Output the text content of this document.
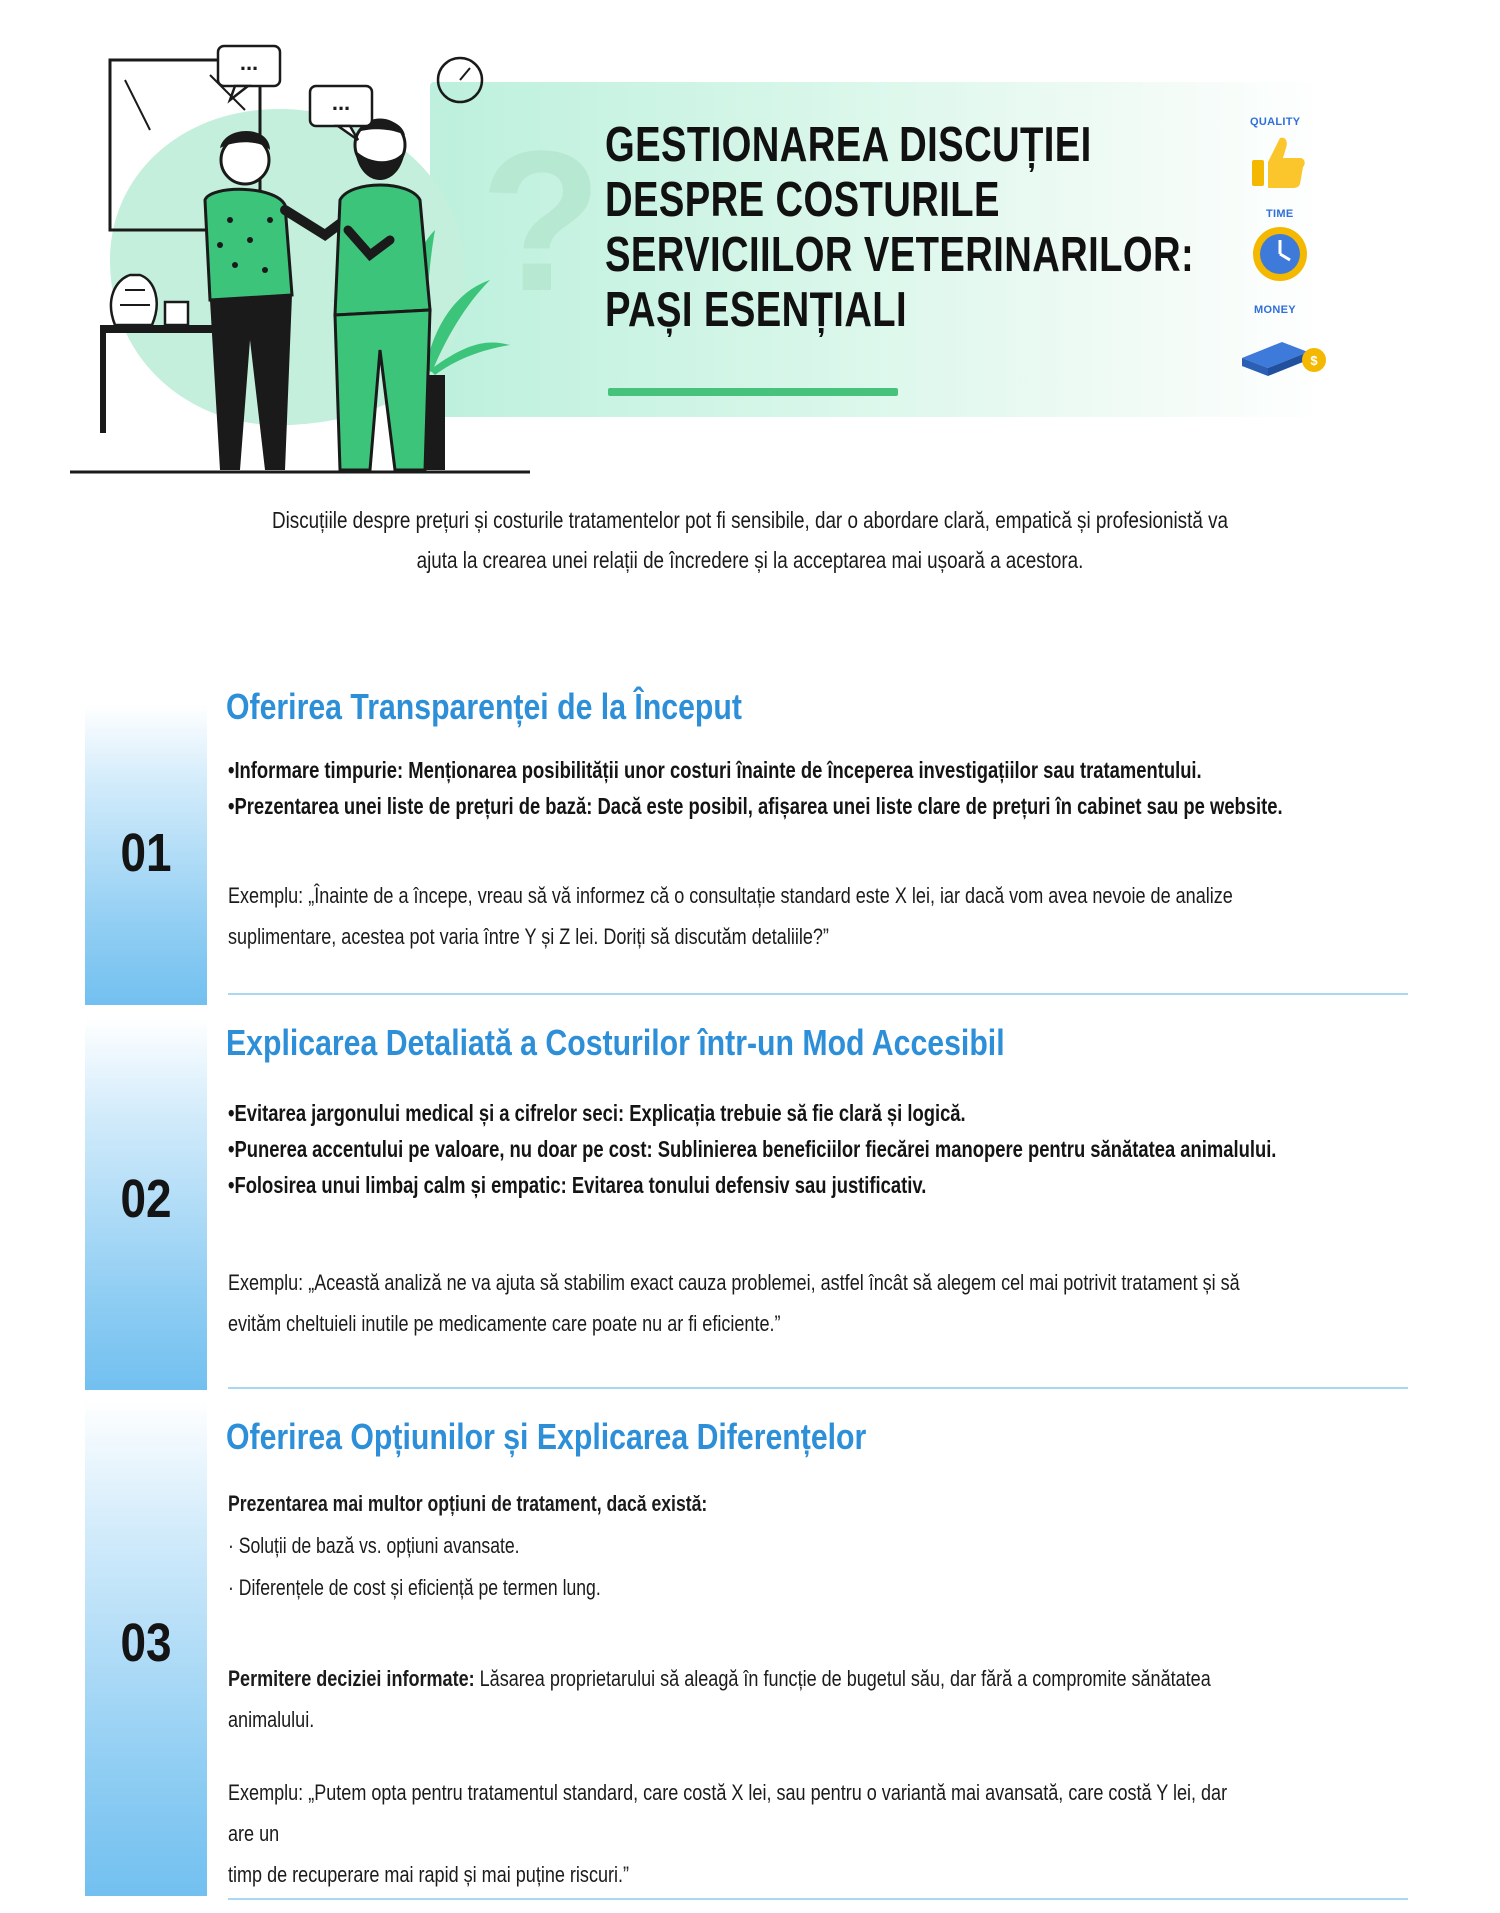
?
...
...
GESTIONAREA DISCUȚIEI
DESPRE COSTURILE
SERVICIILOR VETERINARILOR:
PAȘI ESENȚIALI
QUALITY
TIME
MONEY
$
Discuțiile despre prețuri și costurile tratamentelor pot fi sensibile, dar o abordare clară, empatică și profesionistă va
ajuta la crearea unei relații de încredere și la acceptarea mai ușoară a acestora.
01
Oferirea Transparenței de la Început
• Informare timpurie: Menționarea posibilității unor costuri înainte de începerea investigațiilor sau tratamentului.
• Prezentarea unei liste de prețuri de bază: Dacă este posibil, afișarea unei liste clare de prețuri în cabinet sau pe website.
Exemplu: „Înainte de a începe, vreau să vă informez că o consultație standard este X lei, iar dacă vom avea nevoie de analize
suplimentare, acestea pot varia între Y și Z lei. Doriți să discutăm detaliile?”
02
Explicarea Detaliată a Costurilor într-un Mod Accesibil
• Evitarea jargonului medical și a cifrelor seci: Explicația trebuie să fie clară și logică.
• Punerea accentului pe valoare, nu doar pe cost: Sublinierea beneficiilor fiecărei manopere pentru sănătatea animalului.
• Folosirea unui limbaj calm și empatic: Evitarea tonului defensiv sau justificativ.
Exemplu: „Această analiză ne va ajuta să stabilim exact cauza problemei, astfel încât să alegem cel mai potrivit tratament și să
evităm cheltuieli inutile pe medicamente care poate nu ar fi eficiente.”
03
Oferirea Opțiunilor și Explicarea Diferențelor

Prezentarea mai multor opțiuni de tratament, dacă există:

· Soluții de bază vs. opțiuni avansate.

· Diferențele de cost și eficiență pe termen lung.

Permitere deciziei informate: Lăsarea proprietarului să aleagă în funcție de bugetul său, dar fără a compromite sănătatea
animalului.
Exemplu: „Putem opta pentru tratamentul standard, care costă X lei, sau pentru o variantă mai avansată, care costă Y lei, dar are un
timp de recuperare mai rapid și mai puține riscuri.”
